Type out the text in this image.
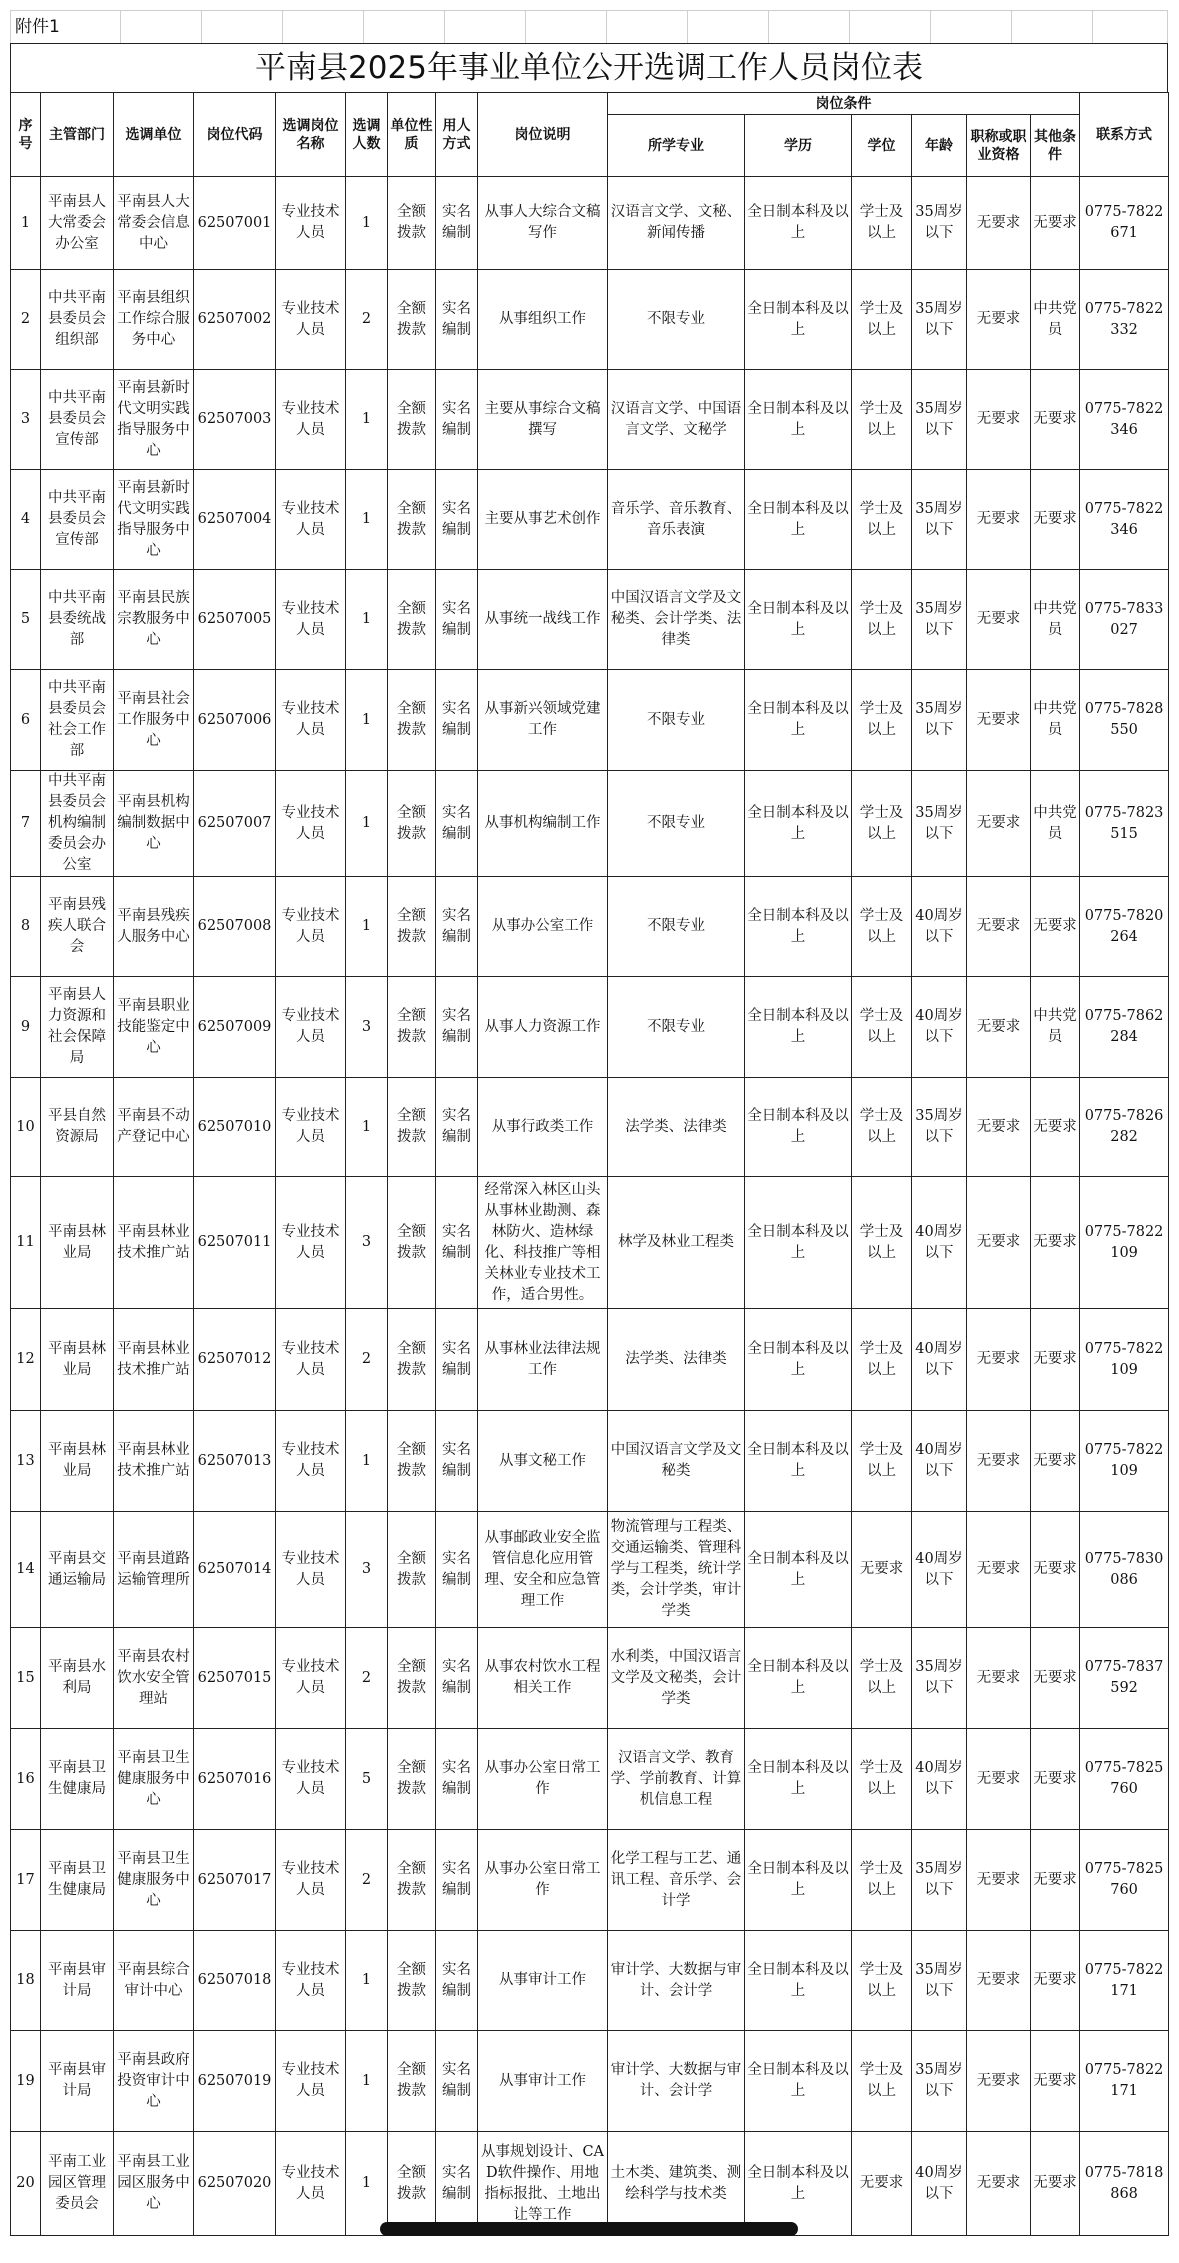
附件1
平南县2025年事业单位公开选调工作人员岗位表
序号	主管部门	选调单位	岗位代码	选调岗位名称	选调人数	单位性质	用人方式	岗位说明	岗位条件						联系方式
									所学专业	学历	学位	年龄	职称或职业资格	其他条件	
1	平南县人大常委会办公室	平南县人大常委会信息中心	62507001	专业技术人员	1	全额拨款	实名编制	从事人大综合文稿写作	汉语言文学、文秘、新闻传播	全日制本科及以上	学士及以上	35周岁以下	无要求	无要求	0775-7822671
2	中共平南县委员会组织部	平南县组织工作综合服务中心	62507002	专业技术人员	2	全额拨款	实名编制	从事组织工作	不限专业	全日制本科及以上	学士及以上	35周岁以下	无要求	中共党员	0775-7822332
3	中共平南县委员会宣传部	平南县新时代文明实践指导服务中心	62507003	专业技术人员	1	全额拨款	实名编制	主要从事综合文稿撰写	汉语言文学、中国语言文学、文秘学	全日制本科及以上	学士及以上	35周岁以下	无要求	无要求	0775-7822346
4	中共平南县委员会宣传部	平南县新时代文明实践指导服务中心	62507004	专业技术人员	1	全额拨款	实名编制	主要从事艺术创作	音乐学、音乐教育、音乐表演	全日制本科及以上	学士及以上	35周岁以下	无要求	无要求	0775-7822346
5	中共平南县委统战部	平南县民族宗教服务中心	62507005	专业技术人员	1	全额拨款	实名编制	从事统一战线工作	中国汉语言文学及文秘类、会计学类、法律类	全日制本科及以上	学士及以上	35周岁以下	无要求	中共党员	0775-7833027
6	中共平南县委员会社会工作部	平南县社会工作服务中心	62507006	专业技术人员	1	全额拨款	实名编制	从事新兴领域党建工作	不限专业	全日制本科及以上	学士及以上	35周岁以下	无要求	中共党员	0775-7828550
7	中共平南县委员会机构编制委员会办公室	平南县机构编制数据中心	62507007	专业技术人员	1	全额拨款	实名编制	从事机构编制工作	不限专业	全日制本科及以上	学士及以上	35周岁以下	无要求	中共党员	0775-7823515
8	平南县残疾人联合会	平南县残疾人服务中心	62507008	专业技术人员	1	全额拨款	实名编制	从事办公室工作	不限专业	全日制本科及以上	学士及以上	40周岁以下	无要求	无要求	0775-7820264
9	平南县人力资源和社会保障局	平南县职业技能鉴定中心	62507009	专业技术人员	3	全额拨款	实名编制	从事人力资源工作	不限专业	全日制本科及以上	学士及以上	40周岁以下	无要求	中共党员	0775-7862284
10	平县自然资源局	平南县不动产登记中心	62507010	专业技术人员	1	全额拨款	实名编制	从事行政类工作	法学类、法律类	全日制本科及以上	学士及以上	35周岁以下	无要求	无要求	0775-7826282
11	平南县林业局	平南县林业技术推广站	62507011	专业技术人员	3	全额拨款	实名编制	经常深入林区山头从事林业勘测、森林防火、造林绿化、科技推广等相关林业专业技术工作，适合男性。	林学及林业工程类	全日制本科及以上	学士及以上	40周岁以下	无要求	无要求	0775-7822109
12	平南县林业局	平南县林业技术推广站	62507012	专业技术人员	2	全额拨款	实名编制	从事林业法律法规工作	法学类、法律类	全日制本科及以上	学士及以上	40周岁以下	无要求	无要求	0775-7822109
13	平南县林业局	平南县林业技术推广站	62507013	专业技术人员	1	全额拨款	实名编制	从事文秘工作	中国汉语言文学及文秘类	全日制本科及以上	学士及以上	40周岁以下	无要求	无要求	0775-7822109
14	平南县交通运输局	平南县道路运输管理所	62507014	专业技术人员	3	全额拨款	实名编制	从事邮政业安全监管信息化应用管理、安全和应急管理工作	物流管理与工程类、交通运输类、管理科学与工程类，统计学类，会计学类，审计学类	全日制本科及以上	无要求	40周岁以下	无要求	无要求	0775-7830086
15	平南县水利局	平南县农村饮水安全管理站	62507015	专业技术人员	2	全额拨款	实名编制	从事农村饮水工程相关工作	水利类，中国汉语言文学及文秘类，会计学类	全日制本科及以上	学士及以上	35周岁以下	无要求	无要求	0775-7837592
16	平南县卫生健康局	平南县卫生健康服务中心	62507016	专业技术人员	5	全额拨款	实名编制	从事办公室日常工作	汉语言文学、教育学、学前教育、计算机信息工程	全日制本科及以上	学士及以上	40周岁以下	无要求	无要求	0775-7825760
17	平南县卫生健康局	平南县卫生健康服务中心	62507017	专业技术人员	2	全额拨款	实名编制	从事办公室日常工作	化学工程与工艺、通讯工程、音乐学、会计学	全日制本科及以上	学士及以上	35周岁以下	无要求	无要求	0775-7825760
18	平南县审计局	平南县综合审计中心	62507018	专业技术人员	1	全额拨款	实名编制	从事审计工作	审计学、大数据与审计、会计学	全日制本科及以上	学士及以上	35周岁以下	无要求	无要求	0775-7822171
19	平南县审计局	平南县政府投资审计中心	62507019	专业技术人员	1	全额拨款	实名编制	从事审计工作	审计学、大数据与审计、会计学	全日制本科及以上	学士及以上	35周岁以下	无要求	无要求	0775-7822171
20	平南工业园区管理委员会	平南县工业园区服务中心	62507020	专业技术人员	1	全额拨款	实名编制	从事规划设计、CAD软件操作、用地指标报批、土地出让等工作	土木类、建筑类、测绘科学与技术类	全日制本科及以上	无要求	40周岁以下	无要求	无要求	0775-7818868
